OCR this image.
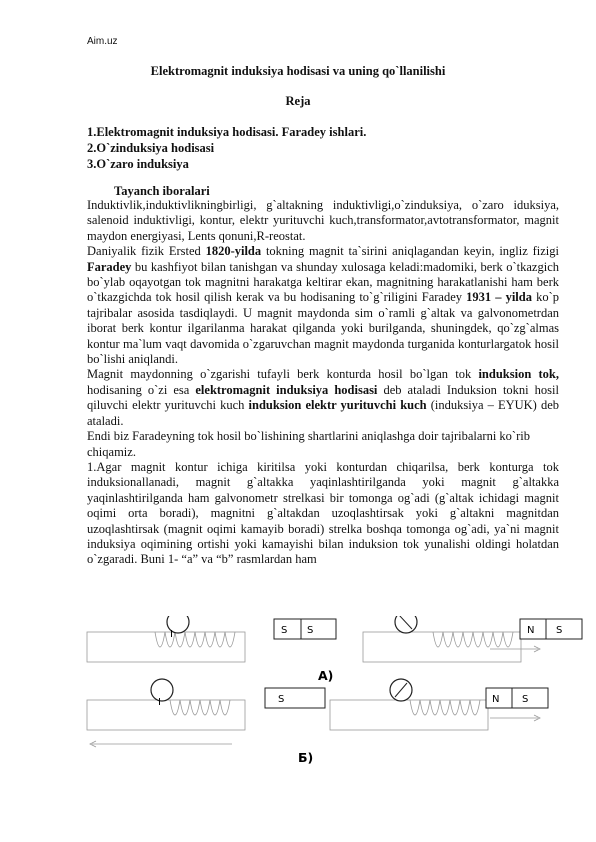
Aim.uz
Elektromagnit induksiya hodisasi va uning qo`llanilishi
Reja
1.Elektromagnit induksiya hodisasi. Faradey ishlari.
2.O`zinduksiya hodisasi
3.O`zaro induksiya
Tayanch iboralari

Induktivlik,induktivlikningbirligi, g`altakning induktivligi,o`zinduksiya, o`zaro iduksiya, salenoid induktivligi, kontur, elektr yurituvchi kuch,transformator,avtotransformator, magnit maydon energiyasi, Lents qonuni,R-reostat.

Daniyalik fizik Ersted 1820-yilda tokning magnit ta`sirini aniqlagandan keyin, ingliz fizigi Faradey bu kashfiyot bilan tanishgan va shunday xulosaga keladi:madomiki, berk o`tkazgich bo`ylab oqayotgan tok magnitni harakatga keltirar ekan, magnitning harakatlanishi ham berk o`tkazgichda tok hosil qilish kerak va bu hodisaning to`g`riligini Faradey 1931 – yilda ko`p tajribalar asosida tasdiqlaydi. U magnit maydonda sim o`ramli g`altak va galvonometrdan iborat berk kontur ilgarilanma harakat qilganda yoki burilganda, shuningdek, qo`zg`almas kontur ma`lum vaqt davomida o`zgaruvchan magnit maydonda turganida konturlargatok hosil bo`lishi aniqlandi.

Magnit maydonning o`zgarishi tufayli berk konturda hosil bo`lgan tok induksion tok, hodisaning o`zi esa elektromagnit induksiya hodisasi deb ataladi Induksion tokni hosil qiluvchi elektr yurituvchi kuch induksion elektr yurituvchi kuch (induksiya – EYUK) deb ataladi.

Endi biz Faradeyning tok hosil bo`lishining shartlarini aniqlashga doir tajribalarni ko`rib chiqamiz.

1.Agar magnit kontur ichiga kiritilsa yoki konturdan chiqarilsa, berk konturga tok induksionallanadi, magnit g`altakka yaqinlashtirilganda yoki magnit g`altakka yaqinlashtirilganda ham galvonometr strelkasi bir tomonga og`adi (g`altak ichidagi magnit oqimi orta boradi), magnitni g`altakdan uzoqlashtirsak yoki g`altakni magnitdan uzoqlashtirsak (magnit oqimi kamayib boradi) strelka boshqa tomonga og`adi, ya`ni magnit induksiya oqimining ortishi yoki kamayishi bilan induksion tok yunalishi oldingi holatdan o`zgaradi. Buni 1- “a” va “b” rasmlardan ham

I	S S	N S
А)
I	S	N S
Б)
